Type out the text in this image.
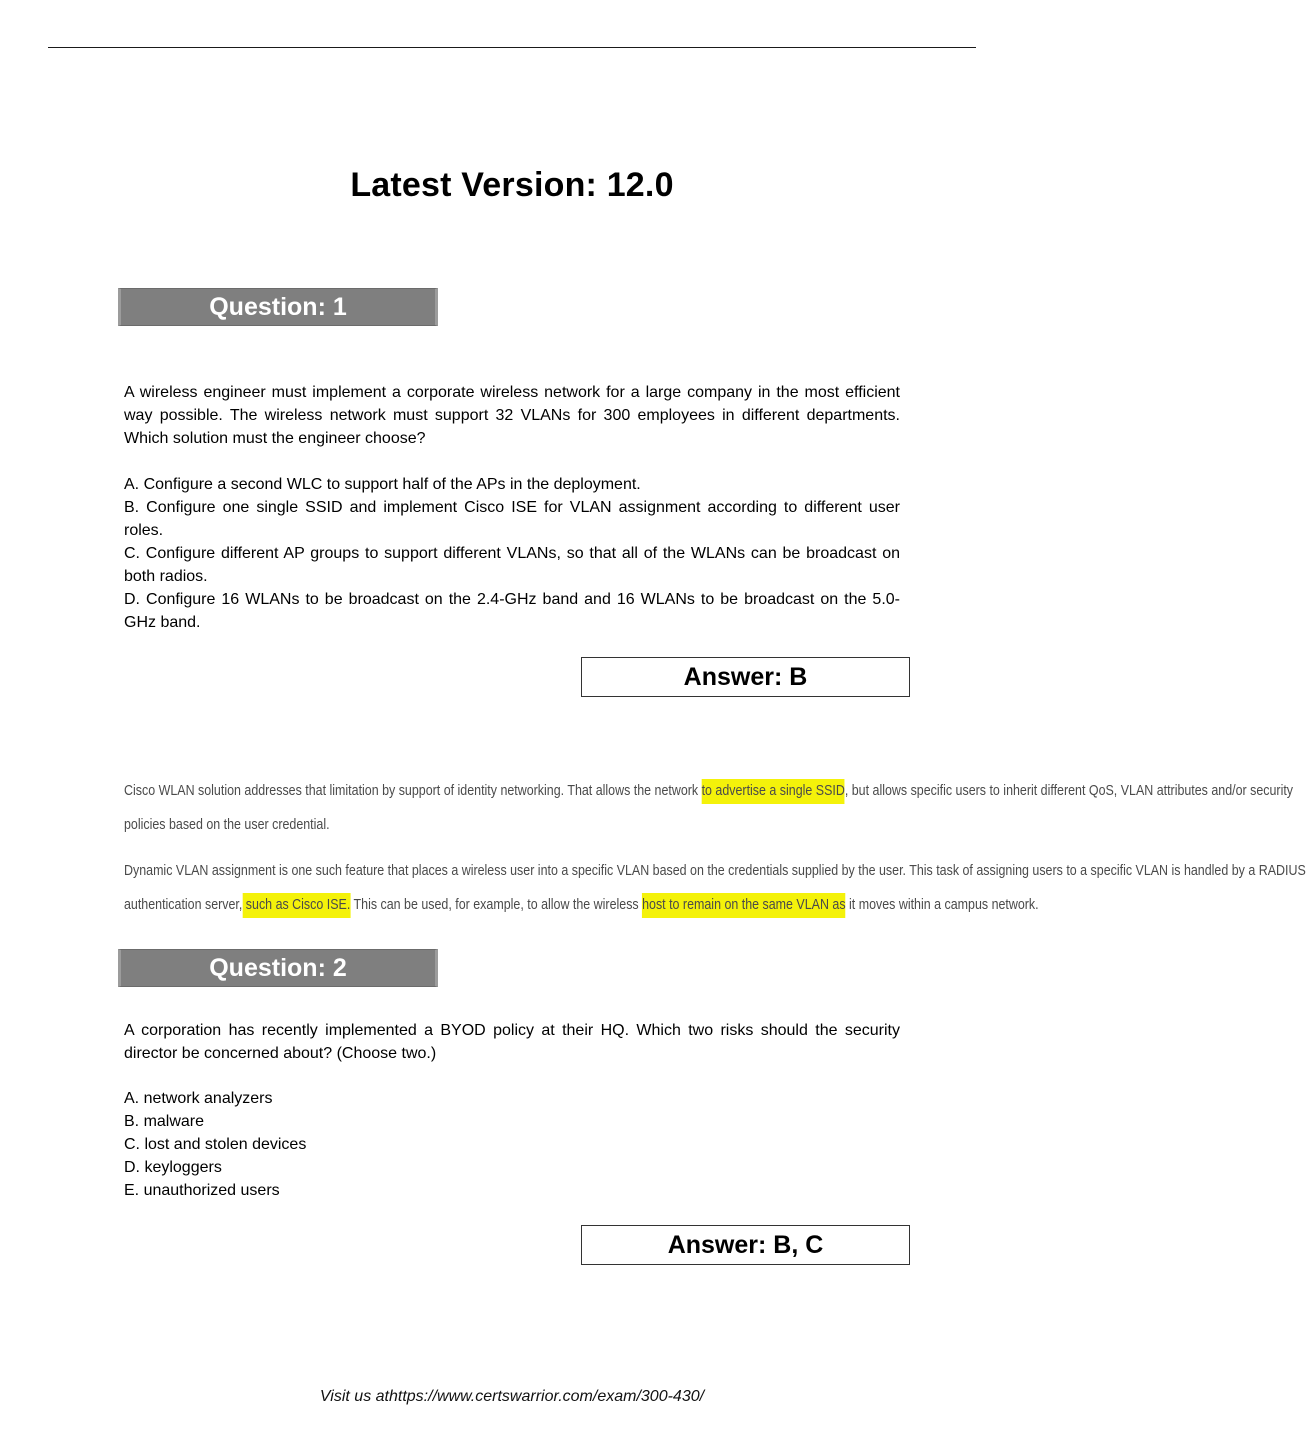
Latest Version: 12.0
Question: 1

A wireless engineer must implement a corporate wireless network for a large company in the most efficient way possible. The wireless network must support 32 VLANs for 300 employees in different departments. Which solution must the engineer choose?

A. Configure a second WLC to support half of the APs in the deployment.

B. Configure one single SSID and implement Cisco ISE for VLAN assignment according to different user roles.

C. Configure different AP groups to support different VLANs, so that all of the WLANs can be broadcast on both radios.

D. Configure 16 WLANs to be broadcast on the 2.4-GHz band and 16 WLANs to be broadcast on the 5.0-GHz band.

Answer: B
Cisco WLAN solution addresses that limitation by support of identity networking. That allows the network to advertise a single SSID, but allows specific users to inherit different QoS, VLAN attributes and/or security
policies based on the user credential.
Dynamic VLAN assignment is one such feature that places a wireless user into a specific VLAN based on the credentials supplied by the user. This task of assigning users to a specific VLAN is handled by a RADIUS
authentication server, such as Cisco ISE. This can be used, for example, to allow the wireless host to remain on the same VLAN as it moves within a campus network.
Question: 2

A corporation has recently implemented a BYOD policy at their HQ. Which two risks should the security director be concerned about? (Choose two.)

A. network analyzers

B. malware

C. lost and stolen devices

D. keyloggers

E. unauthorized users

Answer: B, C
Visit us athttps://www.certswarrior.com/exam/300-430/
